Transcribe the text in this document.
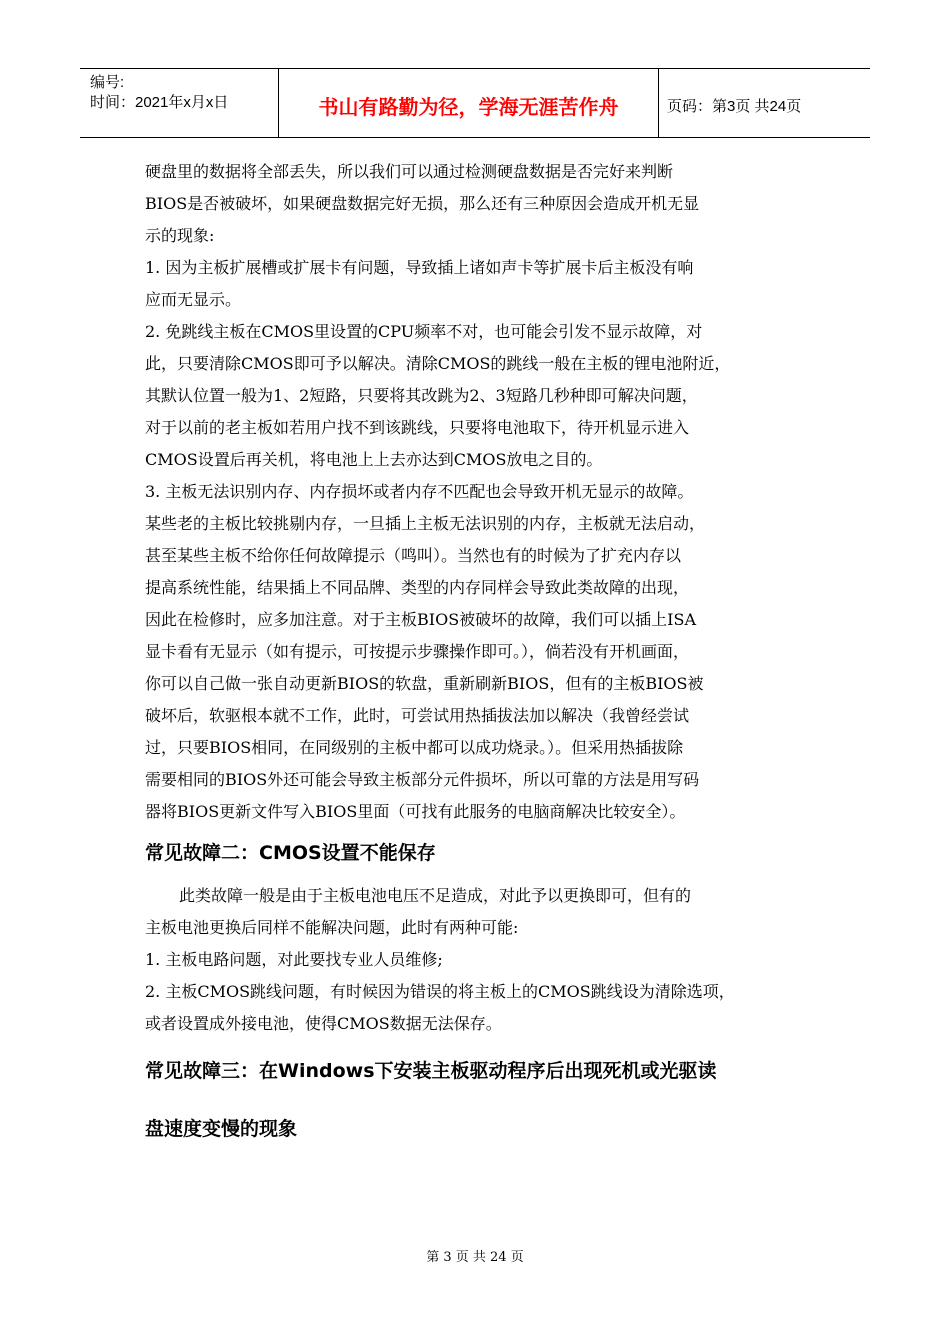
编号:
时间：2021年x月x日	书山有路勤为径，学海无涯苦作舟	页码：第3页 共24页

硬盘里的数据将全部丢失，所以我们可以通过检测硬盘数据是否完好来判断

BIOS是否被破坏，如果硬盘数据完好无损，那么还有三种原因会造成开机无显

示的现象:

1. 因为主板扩展槽或扩展卡有问题，导致插上诸如声卡等扩展卡后主板没有响

应而无显示。

2. 免跳线主板在CMOS里设置的CPU频率不对，也可能会引发不显示故障，对

此，只要清除CMOS即可予以解决。清除CMOS的跳线一般在主板的锂电池附近，

其默认位置一般为1、2短路，只要将其改跳为2、3短路几秒种即可解决问题，

对于以前的老主板如若用户找不到该跳线，只要将电池取下，待开机显示进入

CMOS设置后再关机，将电池上上去亦达到CMOS放电之目的。

3. 主板无法识别内存、内存损坏或者内存不匹配也会导致开机无显示的故障。

某些老的主板比较挑剔内存，一旦插上主板无法识别的内存，主板就无法启动，

甚至某些主板不给你任何故障提示（鸣叫）。当然也有的时候为了扩充内存以

提高系统性能，结果插上不同品牌、类型的内存同样会导致此类故障的出现，

因此在检修时，应多加注意。对于主板BIOS被破坏的故障，我们可以插上ISA

显卡看有无显示（如有提示，可按提示步骤操作即可。），倘若没有开机画面，

你可以自己做一张自动更新BIOS的软盘，重新刷新BIOS，但有的主板BIOS被

破坏后，软驱根本就不工作，此时，可尝试用热插拔法加以解决（我曾经尝试

过，只要BIOS相同，在同级别的主板中都可以成功烧录。）。但采用热插拔除

需要相同的BIOS外还可能会导致主板部分元件损坏，所以可靠的方法是用写码

器将BIOS更新文件写入BIOS里面（可找有此服务的电脑商解决比较安全）。

常见故障二：CMOS设置不能保存

此类故障一般是由于主板电池电压不足造成，对此予以更换即可，但有的

主板电池更换后同样不能解决问题，此时有两种可能:

1. 主板电路问题，对此要找专业人员维修;

2. 主板CMOS跳线问题，有时候因为错误的将主板上的CMOS跳线设为清除选项，

或者设置成外接电池，使得CMOS数据无法保存。

常见故障三：在Windows下安装主板驱动程序后出现死机或光驱读

盘速度变慢的现象

第 3 页 共 24 页
